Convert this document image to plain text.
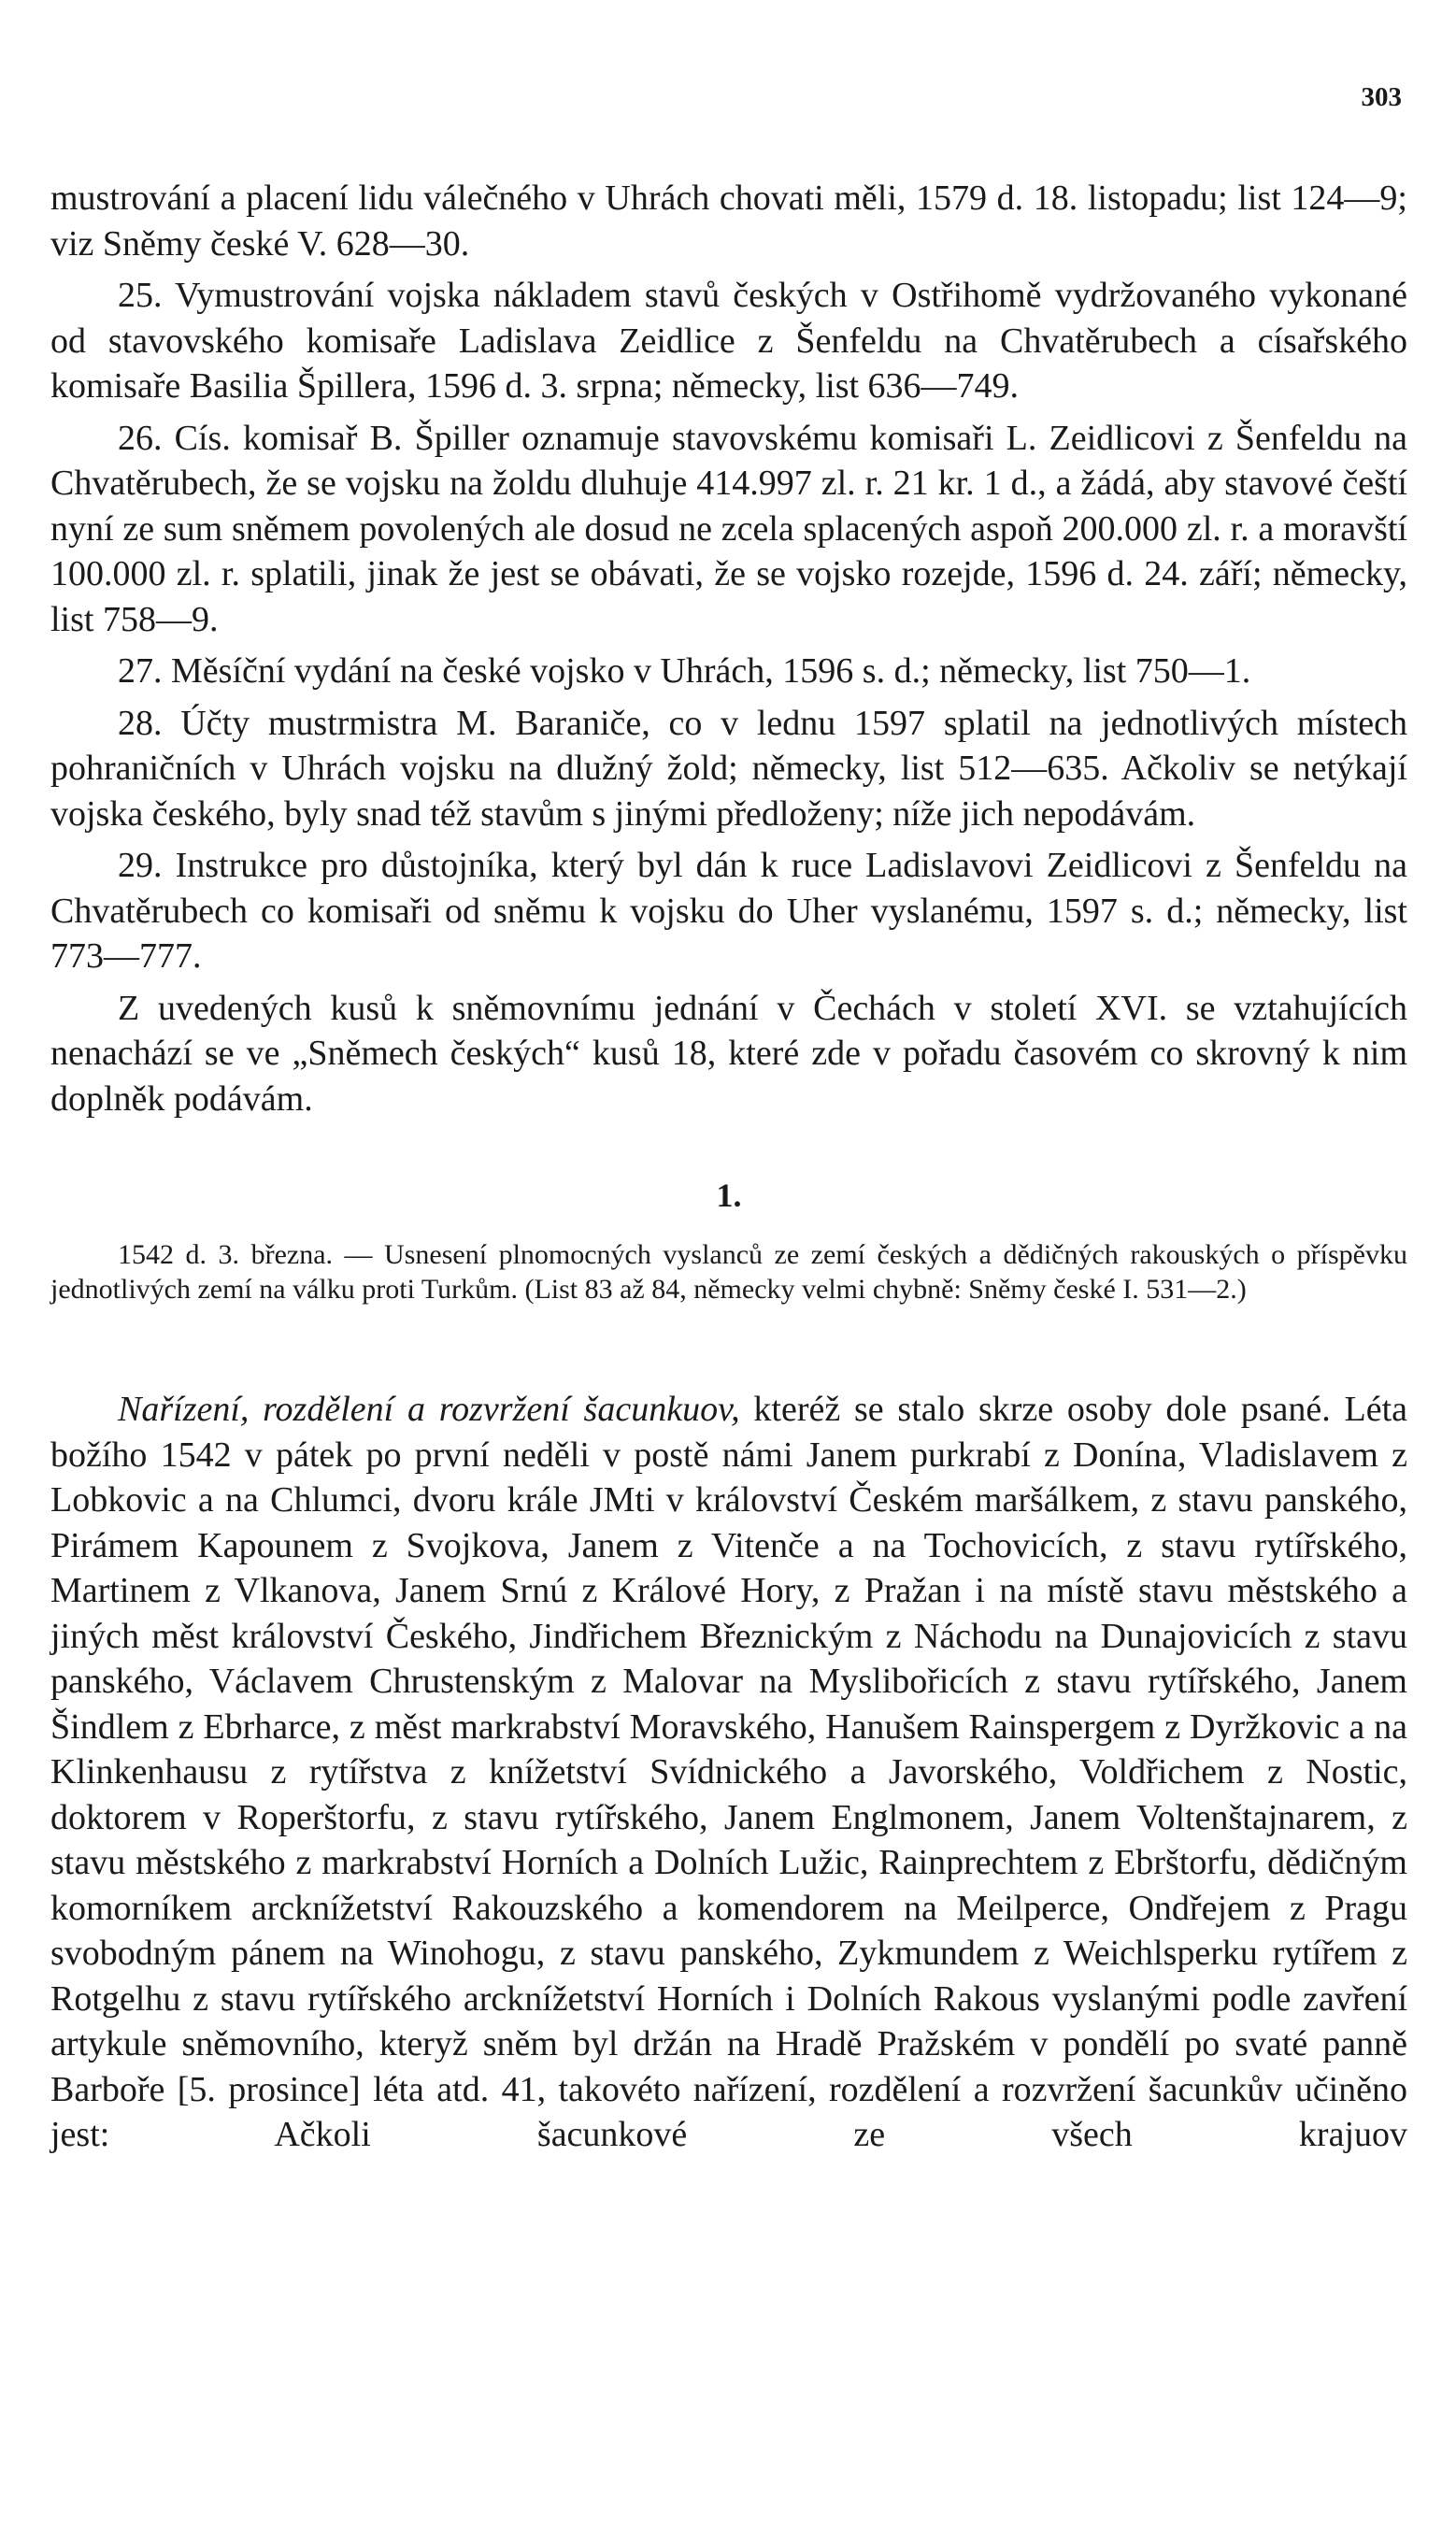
303

mustrování a placení lidu válečného v Uhrách chovati měli, 1579 d. 18. listopadu; list 124—9; viz Sněmy české V. 628—30.

25. Vymustrování vojska nákladem stavů českých v Ostřihomě vydržovaného vykonané od stavovského komisaře Ladislava Zeidlice z Šenfeldu na Chvatěrubech a císařského komisaře Basilia Špillera, 1596 d. 3. srpna; německy, list 636—749.

26. Cís. komisař B. Špiller oznamuje stavovskému komisaři L. Zeidlicovi z Šenfeldu na Chvatěrubech, že se vojsku na žoldu dluhuje 414.997 zl. r. 21 kr. 1 d., a žádá, aby stavové čeští nyní ze sum sněmem povolených ale dosud ne zcela splacených aspoň 200.000 zl. r. a moravští 100.000 zl. r. splatili, jinak že jest se obávati, že se vojsko rozejde, 1596 d. 24. září; německy, list 758—9.

27. Měsíční vydání na české vojsko v Uhrách, 1596 s. d.; německy, list 750—1.

28. Účty mustrmistra M. Baraniče, co v lednu 1597 splatil na jednotlivých místech pohraničních v Uhrách vojsku na dlužný žold; německy, list 512—635. Ačkoliv se netýkají vojska českého, byly snad též stavům s jinými předloženy; níže jich nepodávám.

29. Instrukce pro důstojníka, který byl dán k ruce Ladislavovi Zeidlicovi z Šenfeldu na Chvatěrubech co komisaři od sněmu k vojsku do Uher vyslanému, 1597 s. d.; německy, list 773—777.

Z uvedených kusů k sněmovnímu jednání v Čechách v století XVI. se vztahujících nenachází se ve „Sněmech českých“ kusů 18, které zde v pořadu časovém co skrovný k nim doplněk podávám.

1.

1542 d. 3. března. — Usnesení plnomocných vyslanců ze zemí českých a dědičných rakouských o příspěvku jednotlivých zemí na válku proti Turkům. (List 83 až 84, německy velmi chybně: Sněmy české I. 531—2.)

Nařízení, rozdělení a rozvržení šacunkuov, kteréž se stalo skrze osoby dole psané. Léta božího 1542 v pátek po první neděli v postě námi Janem purkrabí z Donína, Vladislavem z Lobkovic a na Chlumci, dvoru krále JMti v království Českém maršálkem, z stavu panského, Pirámem Kapounem z Svojkova, Janem z Vitenče a na Tochovicích, z stavu rytířského, Martinem z Vlkanova, Janem Srnú z Králové Hory, z Pražan i na místě stavu městského a jiných měst království Českého, Jindřichem Březnickým z Náchodu na Dunajovicích z stavu panského, Václavem Chrustenským z Malovar na Myslibořicích z stavu rytířského, Janem Šindlem z Ebrharce, z měst markrabství Moravského, Hanušem Rainspergem z Dyržkovic a na Klinkenhausu z rytířstva z knížetství Svídnického a Javorského, Voldřichem z Nostic, doktorem v Roperštorfu, z stavu rytířského, Janem Englmonem, Janem Voltenštajnarem, z stavu městského z markrabství Horních a Dolních Lužic, Rainprechtem z Ebrštorfu, dědičným komorníkem arcknížetství Rakouzského a komendorem na Meilperce, Ondřejem z Pragu svobodným pánem na Winohogu, z stavu panského, Zykmundem z Weichlsperku rytířem z Rotgelhu z stavu rytířského arcknížetství Horních i Dolních Rakous vyslanými podle zavření artykule sněmovního, kteryž sněm byl držán na Hradě Pražském v pondělí po svaté panně Barboře [5. prosince] léta atd. 41, takovéto nařízení, rozdělení a rozvržení šacunkův učiněno jest: Ačkoli šacunkové ze všech krajuov
